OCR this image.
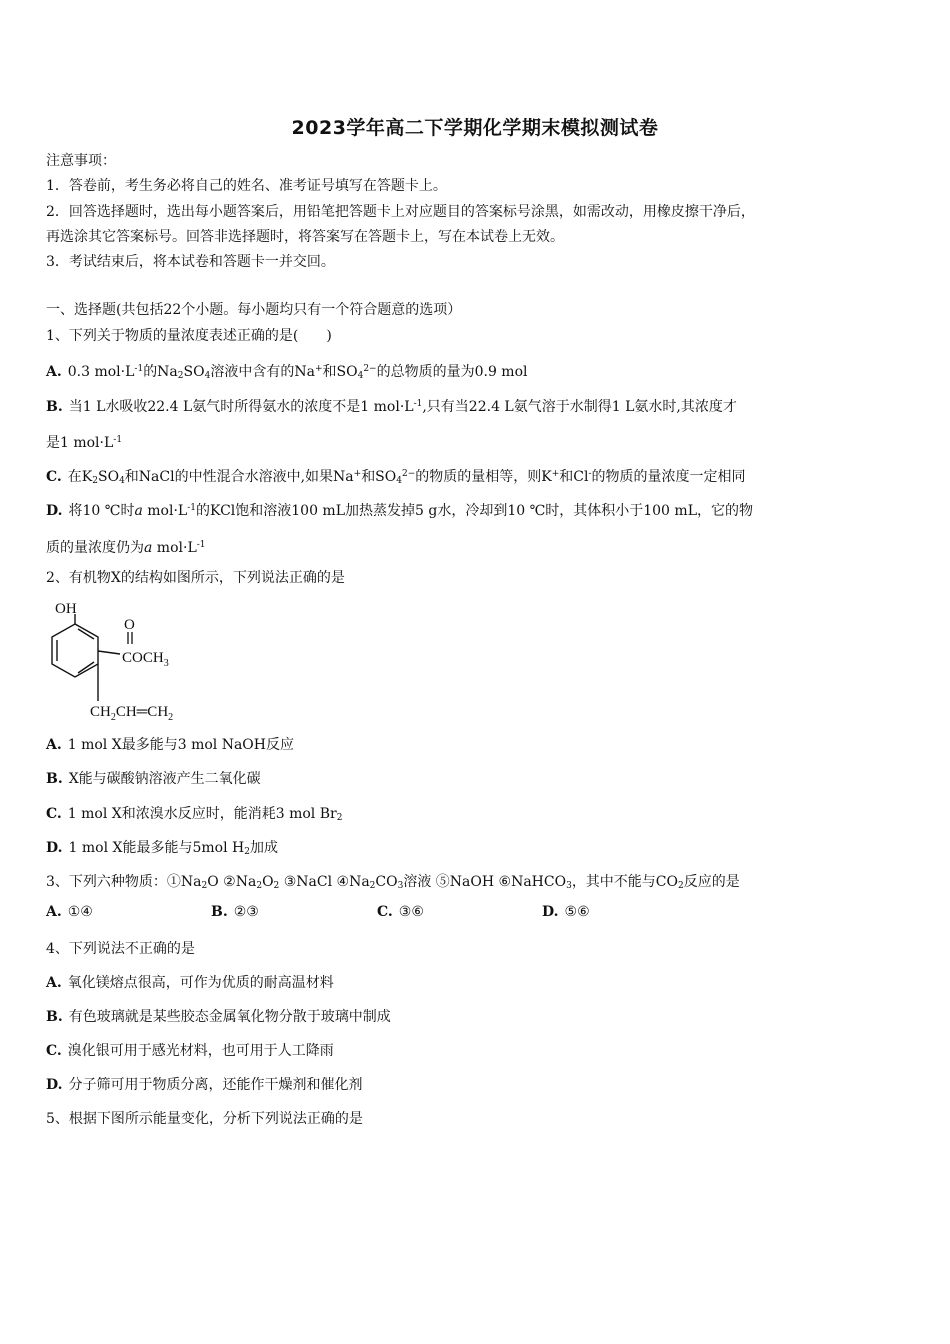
2023学年高二下学期化学期末模拟测试卷
注意事项：
1．答卷前，考生务必将自己的姓名、准考证号填写在答题卡上。
2．回答选择题时，选出每小题答案后，用铅笔把答题卡上对应题目的答案标号涂黑，如需改动，用橡皮擦干净后，
再选涂其它答案标号。回答非选择题时，将答案写在答题卡上，写在本试卷上无效。
3．考试结束后，将本试卷和答题卡一并交回。
一、选择题(共包括22个小题。每小题均只有一个符合题意的选项）
1、下列关于物质的量浓度表述正确的是(　　)
A. 0.3 $mol\cdot L^{-1}$的$Na_2SO_4$溶液中含有的Na+和$SO_4^{2-}$的总物质的量为0.9 mol
B. 当1 L水吸收22.4 L氨气时所得氨水的浓度不是1 $mol\cdot L^{-1}$,只有当22.4 L氨气溶于水制得1 L氨水时,其浓度才
是1 $mol\cdot L^{-1}$
C. 在$K_2SO_4$和NaCl的中性混合水溶液中,如果Na+和$SO_4^{2-}$的物质的量相等，则K+和Cl-的物质的量浓度一定相同
D. 将10 ℃时a $mol\cdot L^{-1}$的KCl饱和溶液100 mL加热蒸发掉5 g水，冷却到10 ℃时，其体积小于100 mL，它的物
质的量浓度仍为a $mol\cdot L^{-1}$
2、有机物X的结构如图所示，下列说法正确的是
OH
O
$COCH_3$
$CH_2CH═CH_2$
A. 1 mol X最多能与3 mol NaOH反应
B. X能与碳酸钠溶液产生二氧化碳
C. 1 mol X和浓溴水反应时，能消耗3 mol $Br_2$
D. 1 mol X能最多能与5mol $H_2$加成
3、下列六种物质：$①Na_2O$ $②Na_2O_2$ ③NaCl $④Na_2CO_3$溶液 ⑤NaOH ⑥NaHCO$_3$，其中不能与$CO_2$反应的是
A. ①④	B. ②③	C. ③⑥	D. ⑤⑥
4、下列说法不正确的是
A. 氧化镁熔点很高，可作为优质的耐高温材料
B. 有色玻璃就是某些胶态金属氧化物分散于玻璃中制成
C. 溴化银可用于感光材料，也可用于人工降雨
D. 分子筛可用于物质分离，还能作干燥剂和催化剂
5、根据下图所示能量变化，分析下列说法正确的是
